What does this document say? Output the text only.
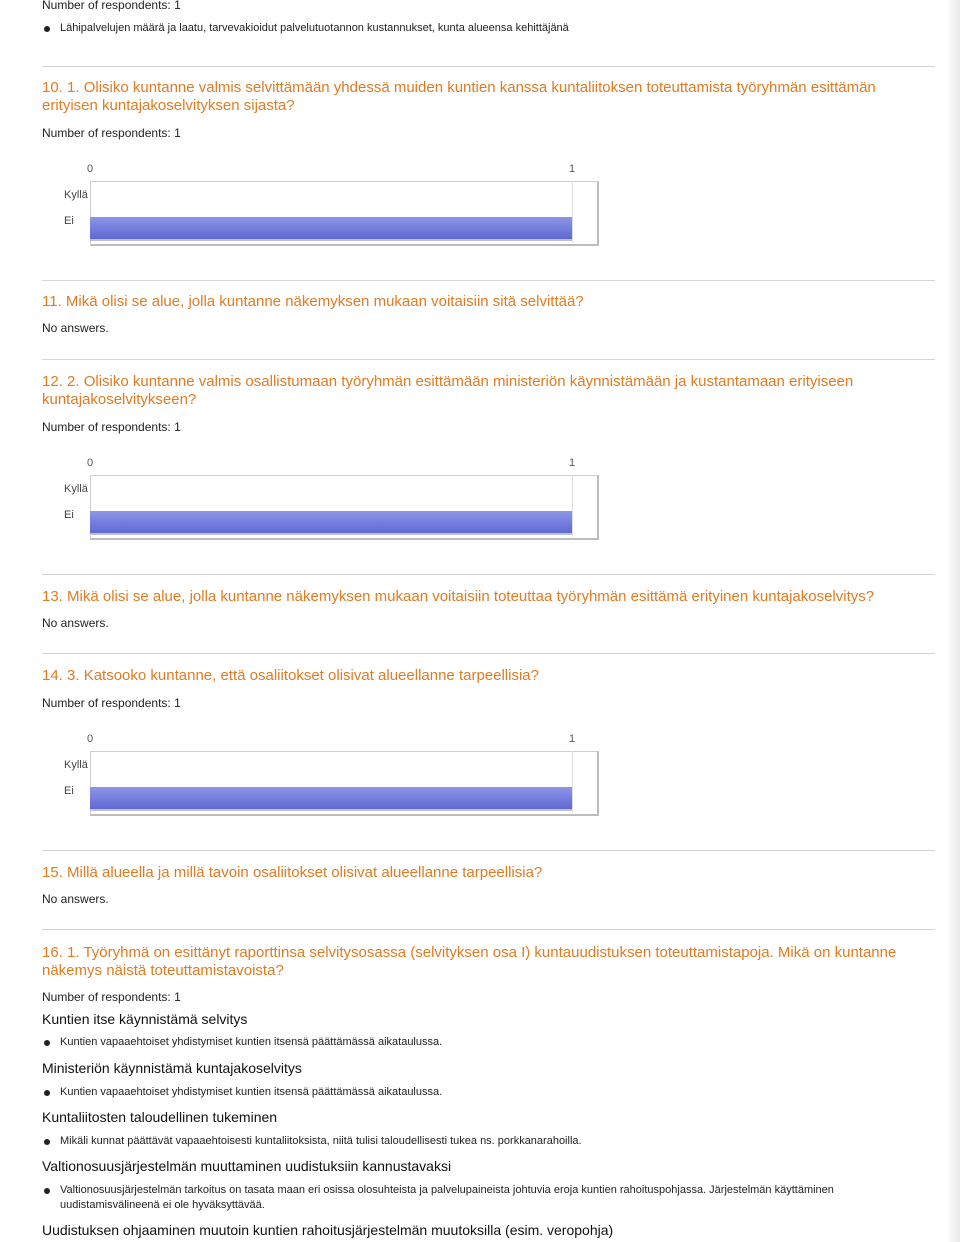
Number of respondents: 1
Lähipalvelujen määrä ja laatu, tarvevakioidut palvelutuotannon kustannukset, kunta alueensa kehittäjänä
10. 1. Olisiko kuntanne valmis selvittämään yhdessä muiden kuntien kanssa kuntaliitoksen toteuttamista työryhmän esittämän erityisen kuntajakoselvityksen sijasta?
Number of respondents: 1
0	1
Kyllä
Ei
11. Mikä olisi se alue, jolla kuntanne näkemyksen mukaan voitaisiin sitä selvittää?
No answers.
12. 2. Olisiko kuntanne valmis osallistumaan työryhmän esittämään ministeriön käynnistämään ja kustantamaan erityiseen kuntajakoselvitykseen?
Number of respondents: 1
0	1
Kyllä
Ei
13. Mikä olisi se alue, jolla kuntanne näkemyksen mukaan voitaisiin toteuttaa työryhmän esittämä erityinen kuntajakoselvitys?
No answers.
14. 3. Katsooko kuntanne, että osaliitokset olisivat alueellanne tarpeellisia?
Number of respondents: 1
0	1
Kyllä
Ei
15. Millä alueella ja millä tavoin osaliitokset olisivat alueellanne tarpeellisia?
No answers.
16. 1. Työryhmä on esittänyt raporttinsa selvitysosassa (selvityksen osa I) kuntauudistuksen toteuttamistapoja. Mikä on kuntanne näkemys näistä toteuttamistavoista?
Number of respondents: 1
Kuntien itse käynnistämä selvitys
Kuntien vapaaehtoiset yhdistymiset kuntien itsensä päättämässä aikataulussa.
Ministeriön käynnistämä kuntajakoselvitys
Kuntien vapaaehtoiset yhdistymiset kuntien itsensä päättämässä aikataulussa.
Kuntaliitosten taloudellinen tukeminen
Mikäli kunnat päättävät vapaaehtoisesti kuntaliitoksista, niitä tulisi taloudellisesti tukea ns. porkkanarahoilla.
Valtionosuusjärjestelmän muuttaminen uudistuksiin kannustavaksi
Valtionosuusjärjestelmän tarkoitus on tasata maan eri osissa olosuhteista ja palvelupaineista johtuvia eroja kuntien rahoituspohjassa. Järjestelmän käyttäminen uudistamisvälineenä ei ole hyväksyttävää.
Uudistuksen ohjaaminen muutoin kuntien rahoitusjärjestelmän muutoksilla (esim. veropohja)
